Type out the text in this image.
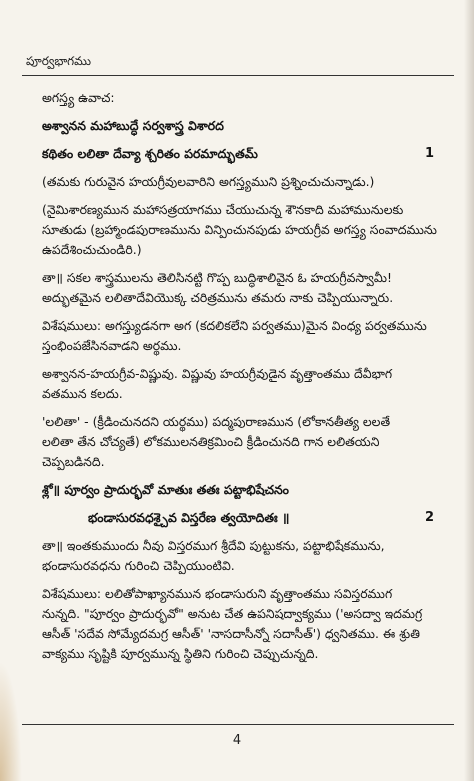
పూర్వభాగము
అగస్త్య ఉవాచ:
అశ్వానన మహాబుద్ధే సర్వశాస్త్ర విశారద
కథితం లలితా దేవ్యా శ్చరితం పరమాద్భుతమ్	1
(తమకు గురువైన హయగ్రీవులవారిని అగస్త్యముని ప్రశ్నించుచున్నాడు.)
(నైమిశారణ్యమున మహాసత్రయాగము చేయుచున్న శౌనకాది మహామునులకు
సూతుడు (బ్రహ్మాండపురాణమును విన్పించునపుడు హయగ్రీవ అగస్త్య సంవాదమును
ఉపదేశించుచుండిరి.)
తా॥ సకల శాస్త్రములను తెలిసినట్టి గొప్ప బుద్ధిశాలివైన ఓ హయగ్రీవస్వామీ!
అద్భుతమైన లలితాదేవియొక్క చరిత్రమును తమరు నాకు చెప్పియున్నారు.
విశేషములు: అగస్త్యుడనగా అగ (కదలికలేని పర్వతము)మైన వింధ్య పర్వతమును
స్తంభింపజేసినవాడని అర్థము.
అశ్వానన-హయగ్రీవ-విష్ణువు. విష్ణువు హయగ్రీవుడైన వృత్తాంతము దేవీభాగ
వతమున కలదు.
'లలితా' - (క్రీడించునదని యర్థము) పద్మపురాణమున (లోకానతీత్య లలతే
లలితా తేన చోచ్యతే) లోకములనతిక్రమించి క్రీడించునది గాన లలితయని
చెప్పబడినది.
శ్లో॥ పూర్వం ప్రాదుర్భవో మాతుః తతః పట్టాభిషేచనం
భండాసురవధశ్చైవ విస్తరేణ త్వయోదితః ॥	2
తా॥ ఇంతకుముందు నీవు విస్తరముగ శ్రీదేవి పుట్టుకను, పట్టాభిషేకమును,
భండాసురవధను గురించి చెప్పియుంటివి.
విశేషములు: లలితోపాఖ్యానమున భండాసురుని వృత్తాంతము సవిస్తరముగ
నున్నది. "పూర్వం ప్రాదుర్భవో" అనుట చేత ఉపనిషద్వాక్యము ('అసద్వా ఇదమగ్ర
ఆసీత్ 'సదేవ సోమ్యేదమగ్ర ఆసీత్' 'నాసదాసీన్నో సదాసీత్') ధ్వనితము. ఈ శ్రుతి
వాక్యము సృష్టికి పూర్వమున్న స్థితిని గురించి చెప్పుచున్నది.
4
